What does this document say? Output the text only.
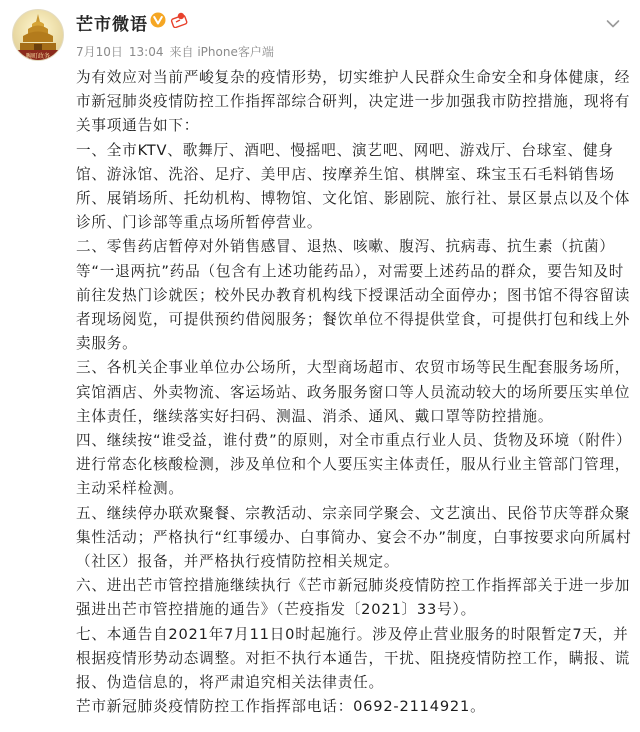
畹町政务
芒市微语
7月10日 13:04 来自 iPhone客户端

为有效应对当前严峻复杂的疫情形势，切实维护人民群众生命安全和身体健康，经市新冠肺炎疫情防控工作指挥部综合研判，决定进一步加强我市防控措施，现将有关事项通告如下：

一、全市KTV、歌舞厅、酒吧、慢摇吧、演艺吧、网吧、游戏厅、台球室、健身馆、游泳馆、洗浴、足疗、美甲店、按摩养生馆、棋牌室、珠宝玉石毛料销售场所、展销场所、托幼机构、博物馆、文化馆、影剧院、旅行社、景区景点以及个体诊所、门诊部等重点场所暂停营业。

二、零售药店暂停对外销售感冒、退热、咳嗽、腹泻、抗病毒、抗生素（抗菌）等“一退两抗”药品（包含有上述功能药品），对需要上述药品的群众，要告知及时前往发热门诊就医；校外民办教育机构线下授课活动全面停办；图书馆不得容留读者现场阅览，可提供预约借阅服务；餐饮单位不得提供堂食，可提供打包和线上外卖服务。

三、各机关企事业单位办公场所，大型商场超市、农贸市场等民生配套服务场所，宾馆酒店、外卖物流、客运场站、政务服务窗口等人员流动较大的场所要压实单位主体责任，继续落实好扫码、测温、消杀、通风、戴口罩等防控措施。

四、继续按“谁受益，谁付费”的原则，对全市重点行业人员、货物及环境（附件）进行常态化核酸检测，涉及单位和个人要压实主体责任，服从行业主管部门管理，主动采样检测。

五、继续停办联欢聚餐、宗教活动、宗亲同学聚会、文艺演出、民俗节庆等群众聚集性活动；严格执行“红事缓办、白事简办、宴会不办”制度，白事按要求向所属村（社区）报备，并严格执行疫情防控相关规定。

六、进出芒市管控措施继续执行《芒市新冠肺炎疫情防控工作指挥部关于进一步加强进出芒市管控措施的通告》（芒疫指发〔2021〕33号）。

七、本通告自2021年7月11日0时起施行。涉及停止营业服务的时限暂定7天，并根据疫情形势动态调整。对拒不执行本通告，干扰、阻挠疫情防控工作，瞒报、谎报、伪造信息的，将严肃追究相关法律责任。

芒市新冠肺炎疫情防控工作指挥部电话：0692-2114921。
